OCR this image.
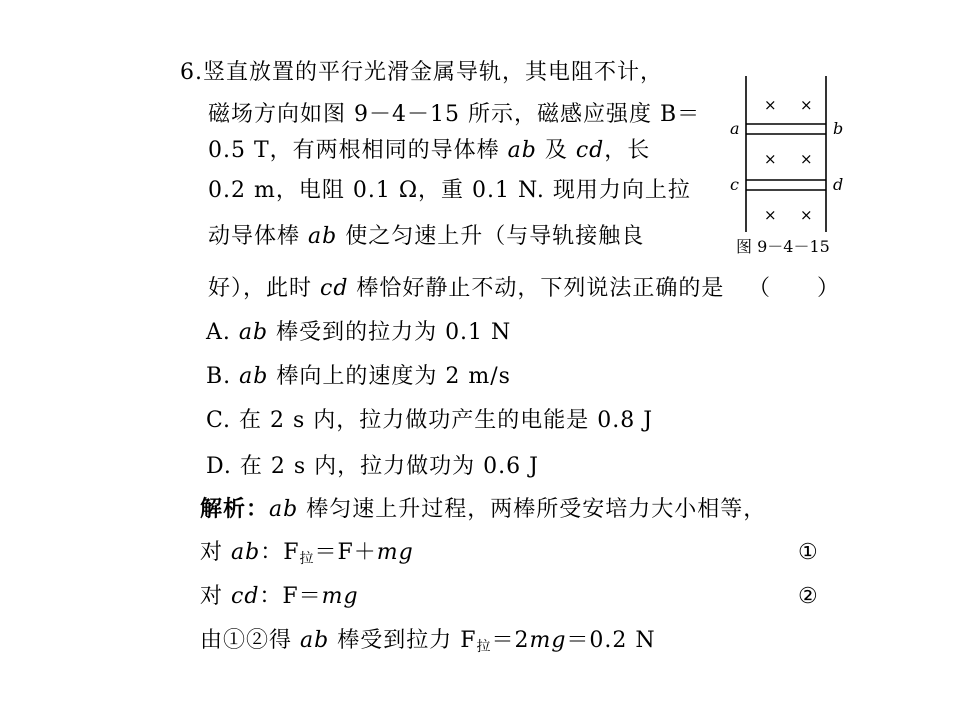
6.竖直放置的平行光滑金属导轨，其电阻不计，
磁场方向如图 9－4－15 所示，磁感应强度 B＝
0.5 T，有两根相同的导体棒 ab 及 cd，长
0.2 m，电阻 0.1 Ω，重 0.1 N. 现用力向上拉
动导体棒 ab 使之匀速上升（与导轨接触良
好），此时 cd 棒恰好静止不动，下列说法正确的是 （　　）
A. ab 棒受到的拉力为 0.1 N
B. ab 棒向上的速度为 2 m/s
C. 在 2 s 内，拉力做功产生的电能是 0.8 J
D. 在 2 s 内，拉力做功为 0.6 J
解析：ab 棒匀速上升过程，两棒所受安培力大小相等，
对 ab：$F_拉=F+mg$	①
对 cd：F＝mg	②
由①②得 ab 棒受到拉力 $F_拉=2mg=0.2$ N
a	b
c	d
× ×
× ×
× ×
图 9－4－15
